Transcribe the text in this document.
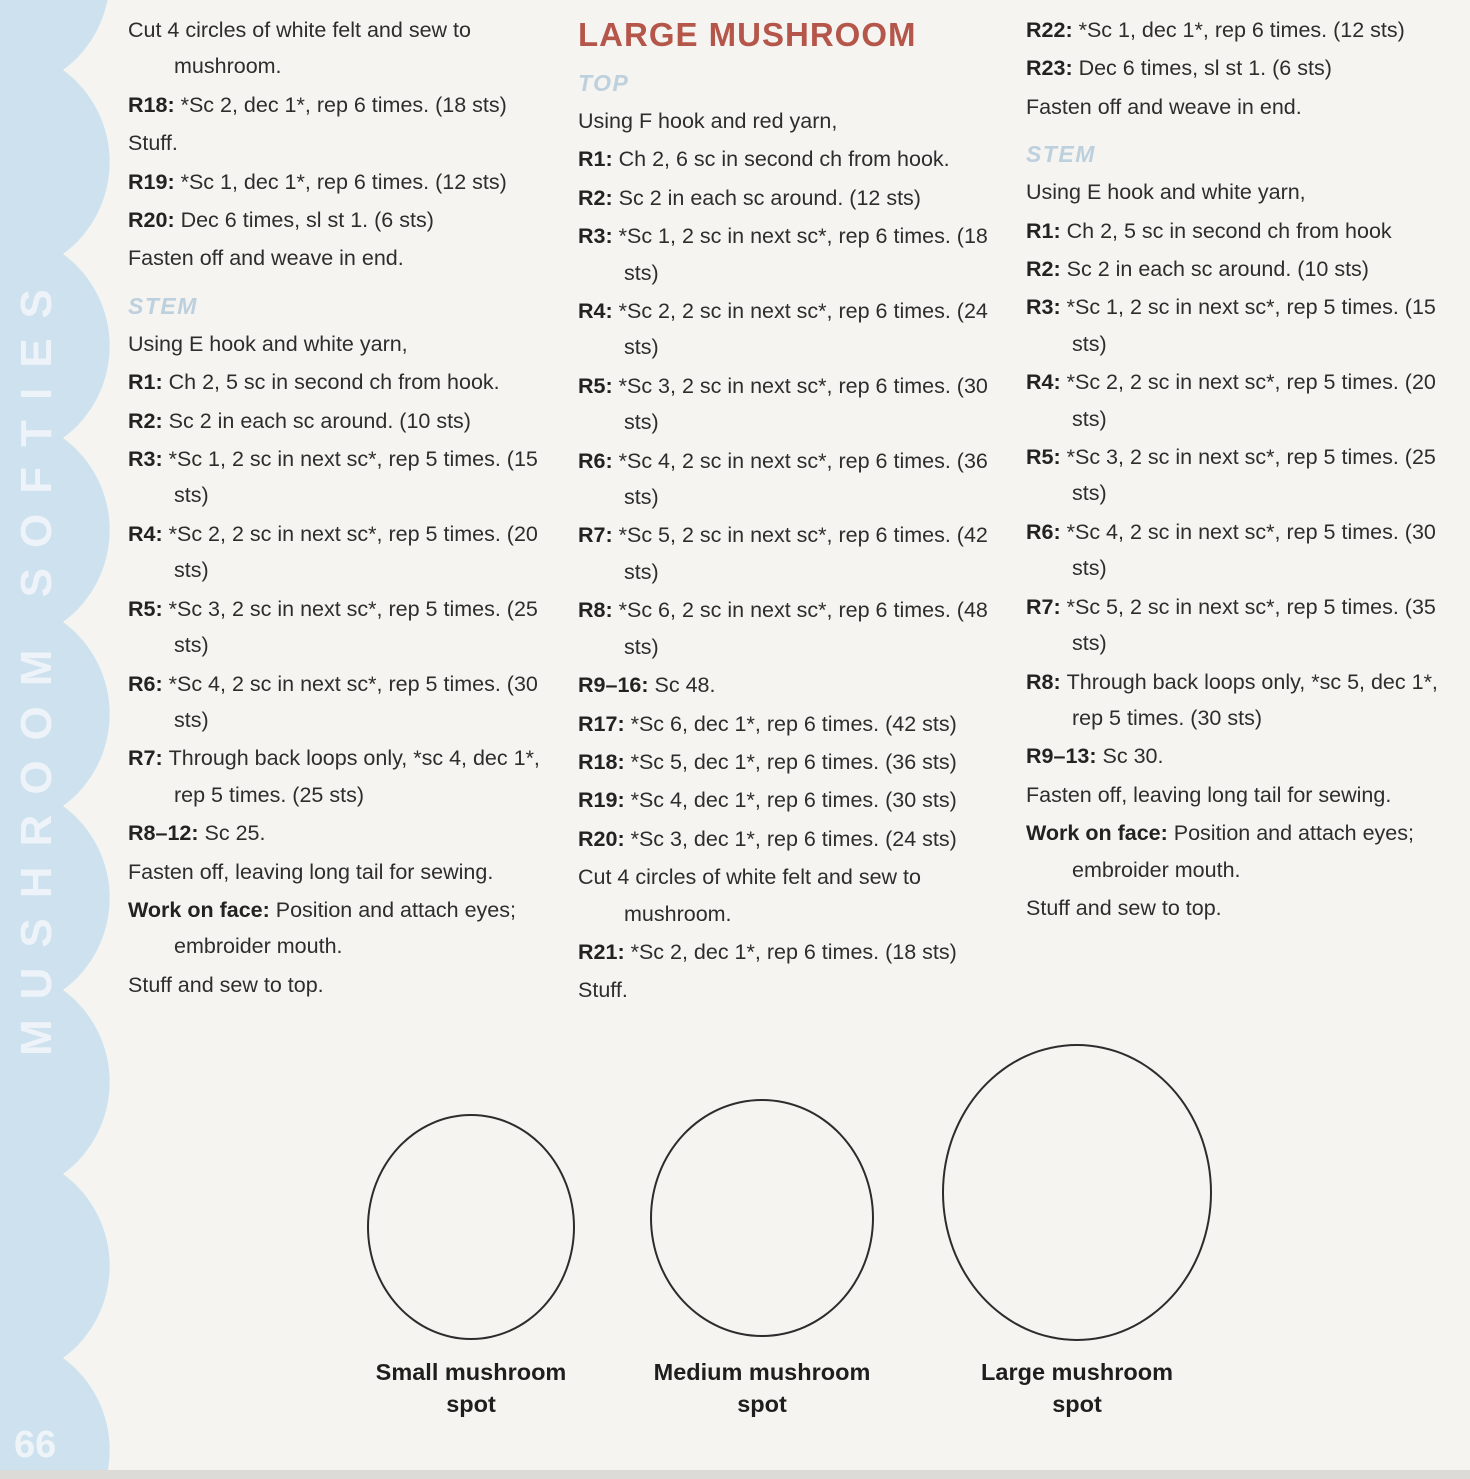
MUSHROOM SOFTIES
66

Cut 4 circles of white felt and sew to mushroom.

R18: *Sc 2, dec 1*, rep 6 times. (18 sts)

Stuff.

R19: *Sc 1, dec 1*, rep 6 times. (12 sts)

R20: Dec 6 times, sl st 1. (6 sts)

Fasten off and weave in end.

STEM

Using E hook and white yarn,

R1: Ch 2, 5 sc in second ch from hook.

R2: Sc 2 in each sc around. (10 sts)

R3: *Sc 1, 2 sc in next sc*, rep 5 times. (15 sts)

R4: *Sc 2, 2 sc in next sc*, rep 5 times. (20 sts)

R5: *Sc 3, 2 sc in next sc*, rep 5 times. (25 sts)

R6: *Sc 4, 2 sc in next sc*, rep 5 times. (30 sts)

R7: Through back loops only, *sc 4, dec 1*, rep 5 times. (25 sts)

R8–12: Sc 25.

Fasten off, leaving long tail for sewing.

Work on face: Position and attach eyes; embroider mouth.

Stuff and sew to top.

LARGE MUSHROOM
TOP

Using F hook and red yarn,

R1: Ch 2, 6 sc in second ch from hook.

R2: Sc 2 in each sc around. (12 sts)

R3: *Sc 1, 2 sc in next sc*, rep 6 times. (18 sts)

R4: *Sc 2, 2 sc in next sc*, rep 6 times. (24 sts)

R5: *Sc 3, 2 sc in next sc*, rep 6 times. (30 sts)

R6: *Sc 4, 2 sc in next sc*, rep 6 times. (36 sts)

R7: *Sc 5, 2 sc in next sc*, rep 6 times. (42 sts)

R8: *Sc 6, 2 sc in next sc*, rep 6 times. (48 sts)

R9–16: Sc 48.

R17: *Sc 6, dec 1*, rep 6 times. (42 sts)

R18: *Sc 5, dec 1*, rep 6 times. (36 sts)

R19: *Sc 4, dec 1*, rep 6 times. (30 sts)

R20: *Sc 3, dec 1*, rep 6 times. (24 sts)

Cut 4 circles of white felt and sew to mushroom.

R21: *Sc 2, dec 1*, rep 6 times. (18 sts)

Stuff.

R22: *Sc 1, dec 1*, rep 6 times. (12 sts)

R23: Dec 6 times, sl st 1. (6 sts)

Fasten off and weave in end.

STEM

Using E hook and white yarn,

R1: Ch 2, 5 sc in second ch from hook

R2: Sc 2 in each sc around. (10 sts)

R3: *Sc 1, 2 sc in next sc*, rep 5 times. (15 sts)

R4: *Sc 2, 2 sc in next sc*, rep 5 times. (20 sts)

R5: *Sc 3, 2 sc in next sc*, rep 5 times. (25 sts)

R6: *Sc 4, 2 sc in next sc*, rep 5 times. (30 sts)

R7: *Sc 5, 2 sc in next sc*, rep 5 times. (35 sts)

R8: Through back loops only, *sc 5, dec 1*, rep 5 times. (30 sts)

R9–13: Sc 30.

Fasten off, leaving long tail for sewing.

Work on face: Position and attach eyes; embroider mouth.

Stuff and sew to top.

Small mushroom
spot
Medium mushroom
spot
Large mushroom
spot
